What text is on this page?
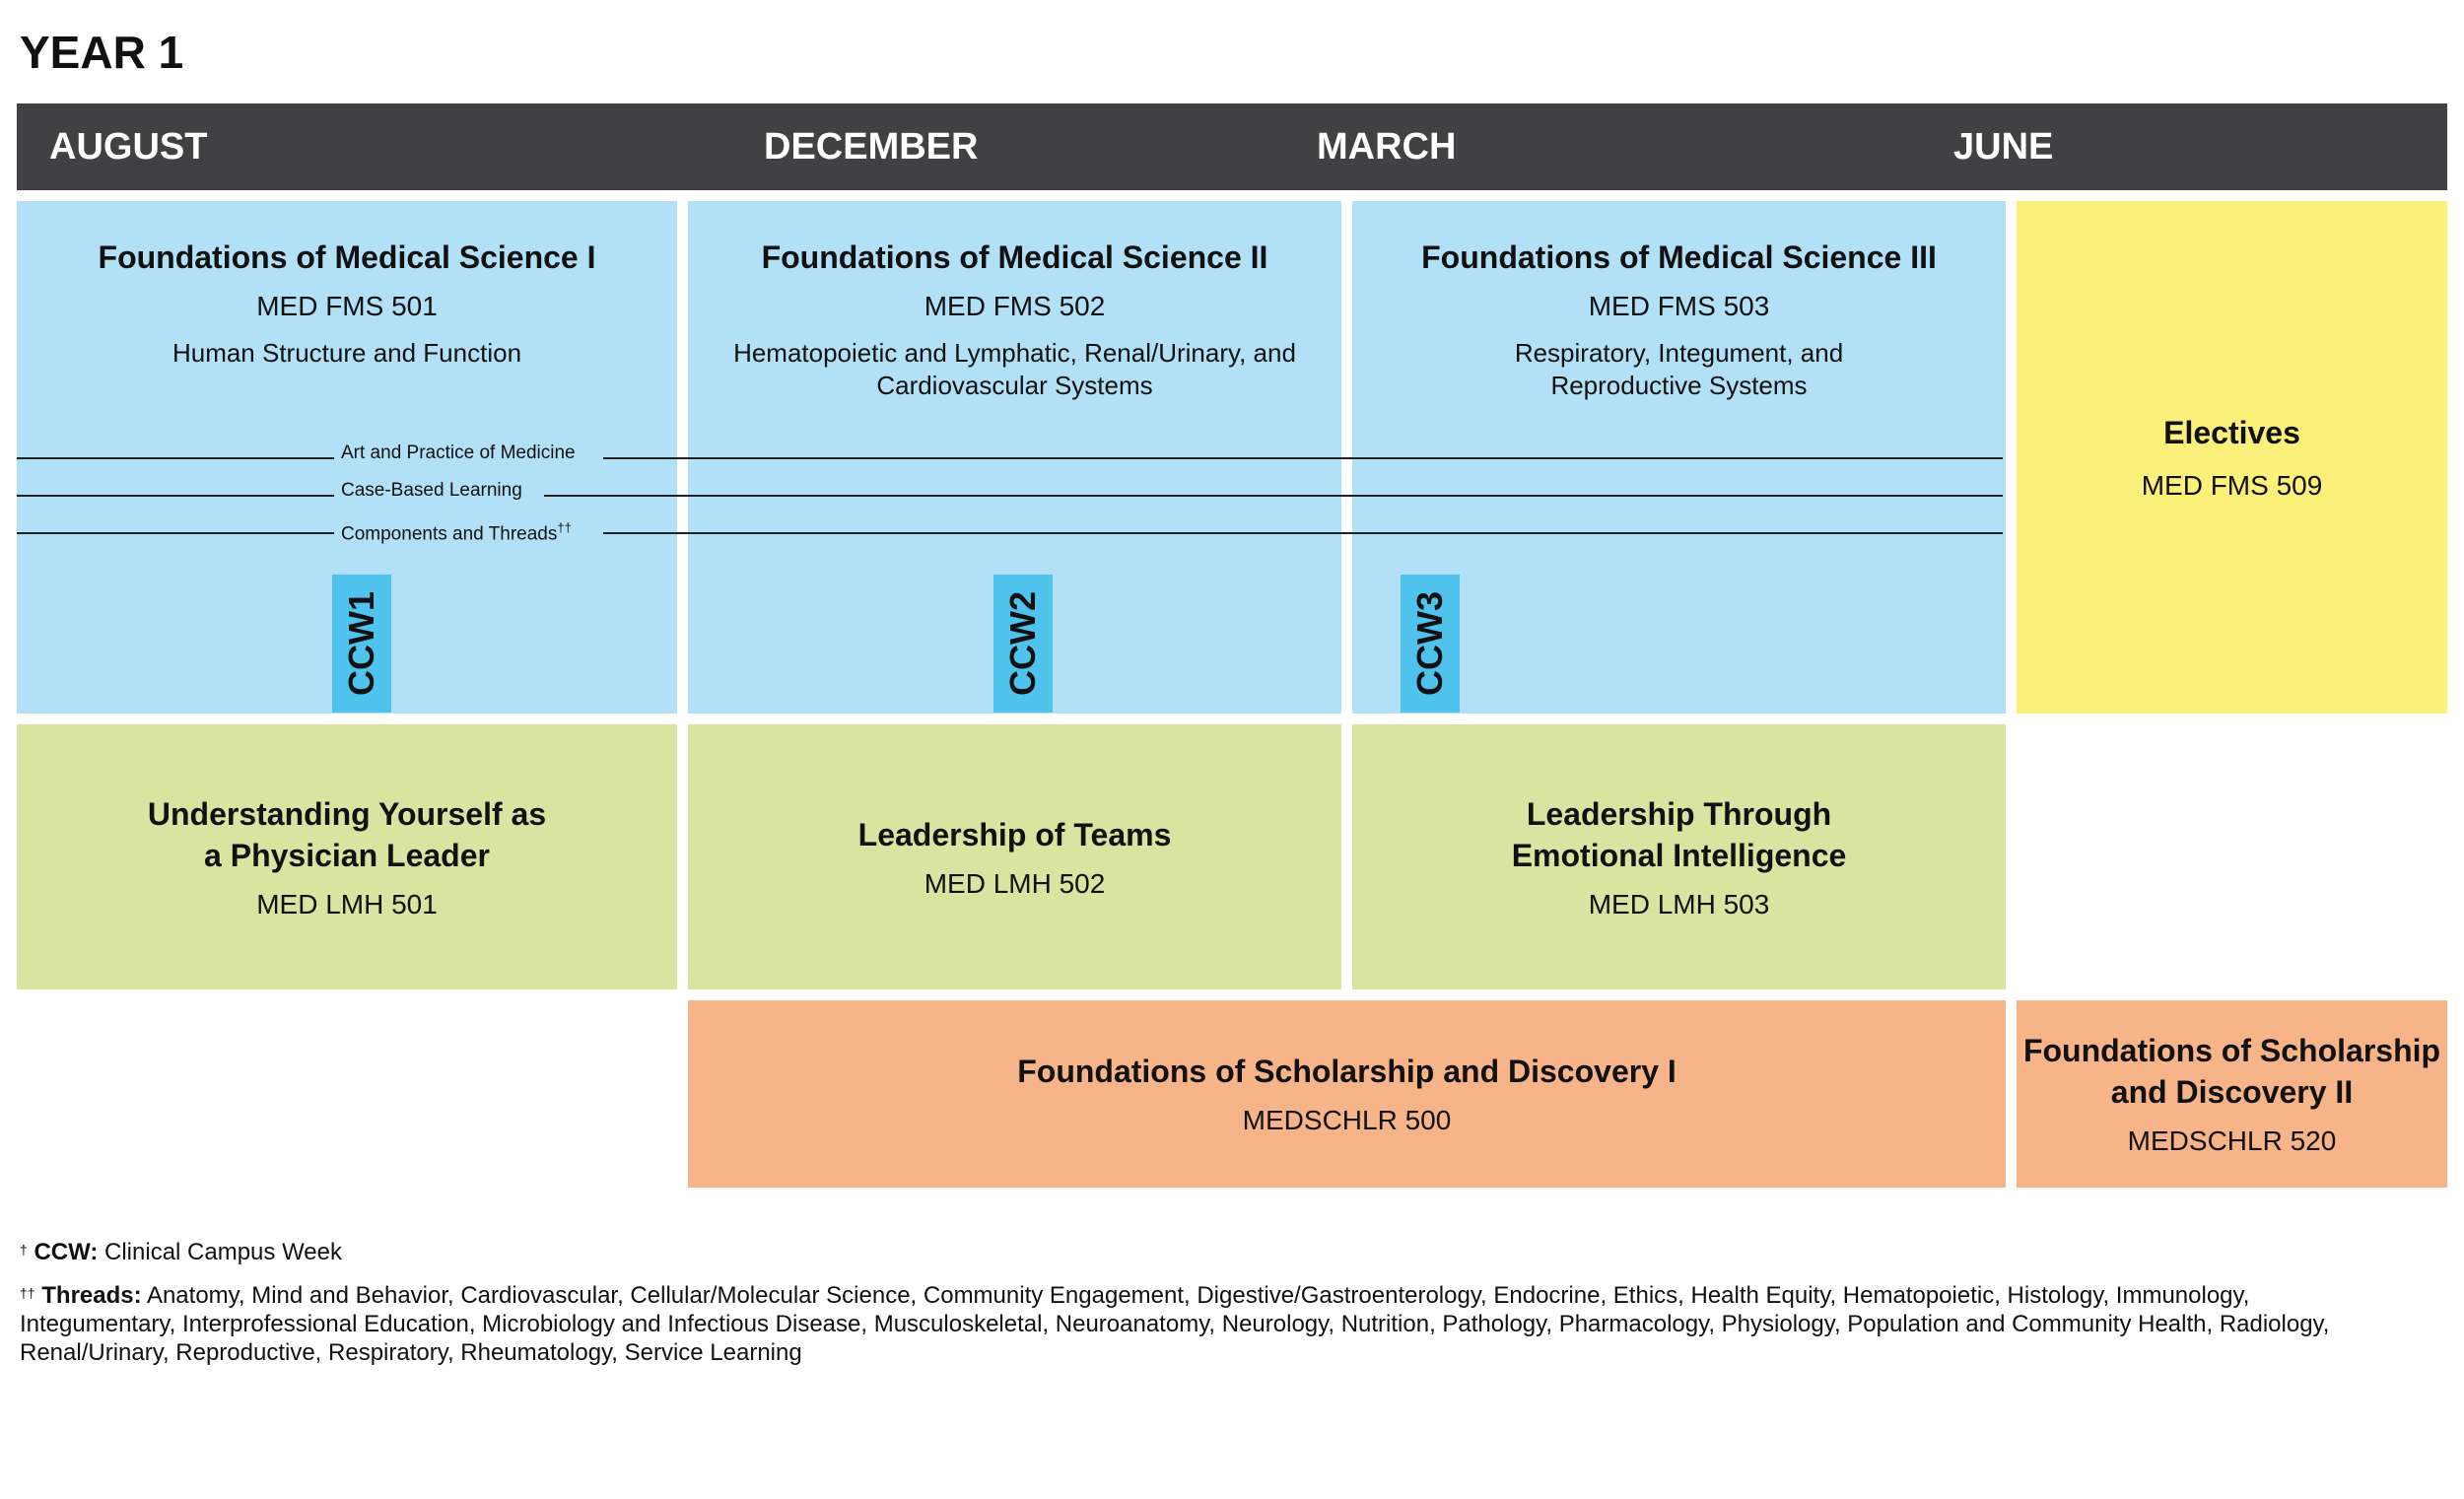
YEAR 1
AUGUST	DECEMBER	MARCH	JUNE
Foundations of Medical Science I
MED FMS 501
Human Structure and Function
Foundations of Medical Science II
MED FMS 502
Hematopoietic and Lymphatic, Renal/Urinary, and
Cardiovascular Systems
Foundations of Medical Science III
MED FMS 503
Respiratory, Integument, and
Reproductive Systems
Art and Practice of Medicine
Case-Based Learning
Components and Threads††
CCW1	CCW2	CCW3
Electives
MED FMS 509
Understanding Yourself as
a Physician Leader
MED LMH 501
Leadership of Teams
MED LMH 502
Leadership Through
Emotional Intelligence
MED LMH 503
Foundations of Scholarship and Discovery I
MEDSCHLR 500
Foundations of Scholarship
and Discovery II
MEDSCHLR 520
† CCW: Clinical Campus Week
†† Threads: Anatomy, Mind and Behavior, Cardiovascular, Cellular/Molecular Science, Community Engagement, Digestive/Gastroenterology, Endocrine, Ethics, Health Equity, Hematopoietic, Histology, Immunology,
Integumentary, Interprofessional Education, Microbiology and Infectious Disease, Musculoskeletal, Neuroanatomy, Neurology, Nutrition, Pathology, Pharmacology, Physiology, Population and Community Health, Radiology,
Renal/Urinary, Reproductive, Respiratory, Rheumatology, Service Learning
